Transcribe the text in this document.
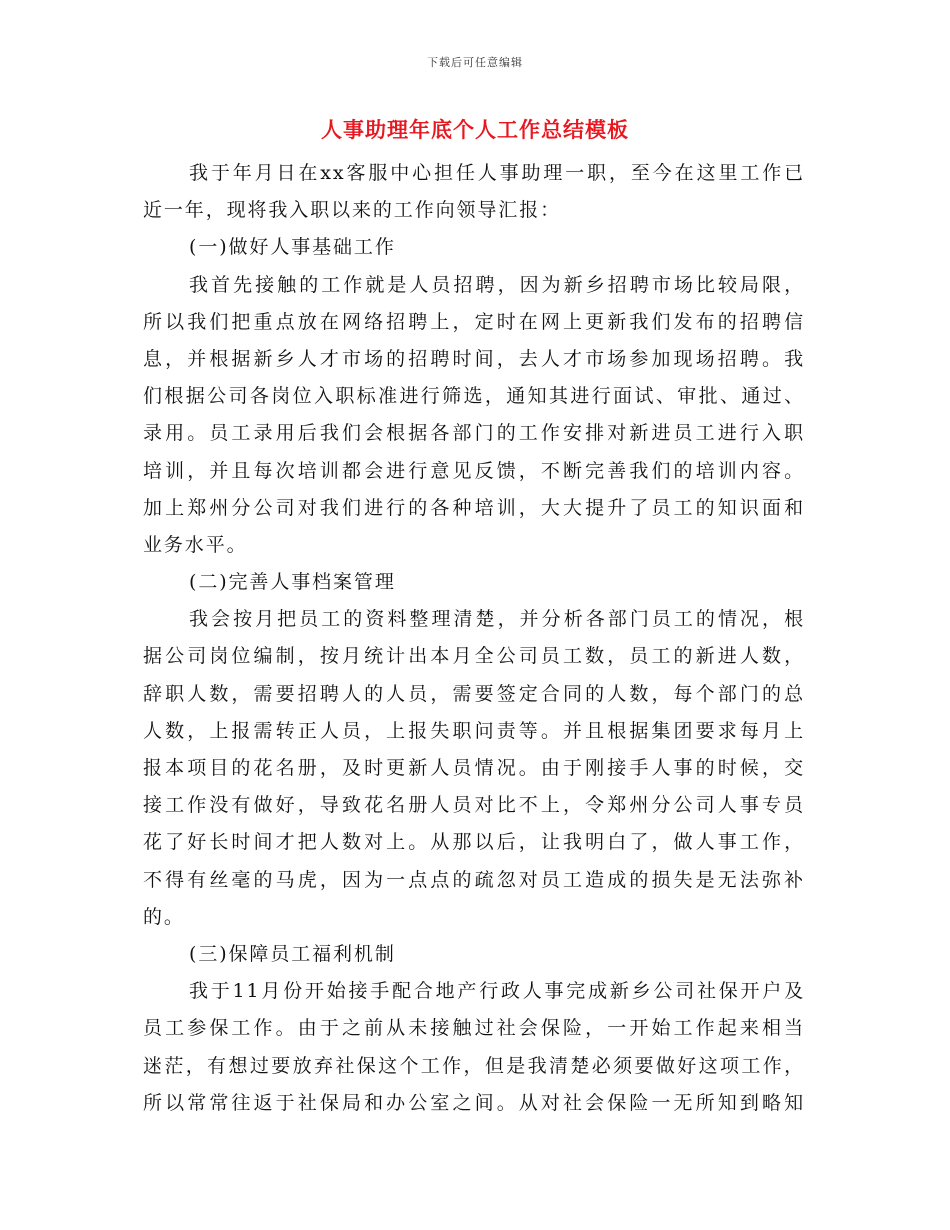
下载后可任意编辑
人事助理年底个人工作总结模板
我于年月日在xx客服中心担任人事助理一职，至今在这里工作已
近一年，现将我入职以来的工作向领导汇报：
(一)做好人事基础工作
我首先接触的工作就是人员招聘，因为新乡招聘市场比较局限，
所以我们把重点放在网络招聘上，定时在网上更新我们发布的招聘信
息，并根据新乡人才市场的招聘时间，去人才市场参加现场招聘。我
们根据公司各岗位入职标准进行筛选，通知其进行面试、审批、通过、
录用。员工录用后我们会根据各部门的工作安排对新进员工进行入职
培训，并且每次培训都会进行意见反馈，不断完善我们的培训内容。
加上郑州分公司对我们进行的各种培训，大大提升了员工的知识面和
业务水平。
(二)完善人事档案管理
我会按月把员工的资料整理清楚，并分析各部门员工的情况，根
据公司岗位编制，按月统计出本月全公司员工数，员工的新进人数，
辞职人数，需要招聘人的人员，需要签定合同的人数，每个部门的总
人数，上报需转正人员，上报失职问责等。并且根据集团要求每月上
报本项目的花名册，及时更新人员情况。由于刚接手人事的时候，交
接工作没有做好，导致花名册人员对比不上，令郑州分公司人事专员
花了好长时间才把人数对上。从那以后，让我明白了，做人事工作，
不得有丝毫的马虎，因为一点点的疏忽对员工造成的损失是无法弥补
的。
(三)保障员工福利机制
我于11月份开始接手配合地产行政人事完成新乡公司社保开户及
员工参保工作。由于之前从未接触过社会保险，一开始工作起来相当
迷茫，有想过要放弃社保这个工作，但是我清楚必须要做好这项工作，
所以常常往返于社保局和办公室之间。从对社会保险一无所知到略知
